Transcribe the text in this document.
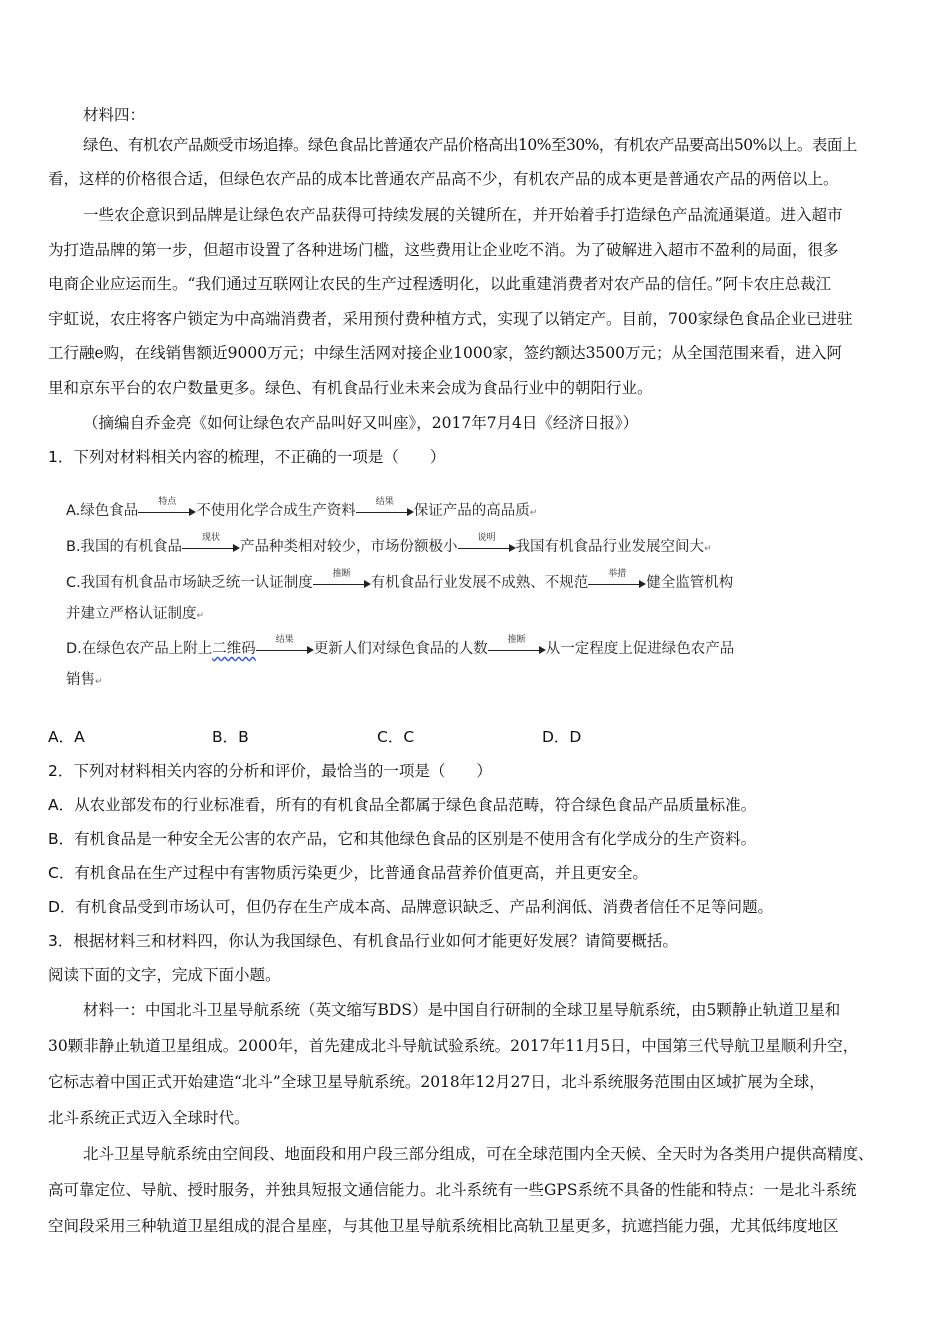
材料四：
绿色、有机农产品颇受市场追捧。绿色食品比普通农产品价格高出10%至30%，有机农产品要高出50%以上。表面上
看，这样的价格很合适，但绿色农产品的成本比普通农产品高不少，有机农产品的成本更是普通农产品的两倍以上。
一些农企意识到品牌是让绿色农产品获得可持续发展的关键所在，并开始着手打造绿色产品流通渠道。进入超市
为打造品牌的第一步，但超市设置了各种进场门槛，这些费用让企业吃不消。为了破解进入超市不盈利的局面，很多
电商企业应运而生。“我们通过互联网让农民的生产过程透明化，以此重建消费者对农产品的信任。”阿卡农庄总裁江
宇虹说，农庄将客户锁定为中高端消费者，采用预付费种植方式，实现了以销定产。目前，700家绿色食品企业已进驻
工行融e购，在线销售额近9000万元；中绿生活网对接企业1000家，签约额达3500万元；从全国范围来看，进入阿
里和京东平台的农户数量更多。绿色、有机食品行业未来会成为食品行业中的朝阳行业。
（摘编自乔金亮《如何让绿色农产品叫好又叫座》，2017年7月4日《经济日报》）
1．下列对材料相关内容的梳理，不正确的一项是（　　）
A.绿色食品
特点
不使用化学合成生产资料
结果
保证产品的高品质↵
B.我国的有机食品
现状
产品种类相对较少，市场份额极小
说明
我国有机食品行业发展空间大↵
C.我国有机食品市场缺乏统一认证制度
推断
有机食品行业发展不成熟、不规范
举措
健全监管机构
并建立严格认证制度↵
D.在绿色农产品上附上二维码
结果
更新人们对绿色食品的人数
推断
从一定程度上促进绿色农产品
销售↵
A．A	B．B	C．C	D．D
2．下列对材料相关内容的分析和评价，最恰当的一项是（　　）
A．从农业部发布的行业标准看，所有的有机食品全都属于绿色食品范畴，符合绿色食品产品质量标准。
B．有机食品是一种安全无公害的农产品，它和其他绿色食品的区别是不使用含有化学成分的生产资料。
C．有机食品在生产过程中有害物质污染更少，比普通食品营养价值更高，并且更安全。
D．有机食品受到市场认可，但仍存在生产成本高、品牌意识缺乏、产品利润低、消费者信任不足等问题。
3．根据材料三和材料四，你认为我国绿色、有机食品行业如何才能更好发展？请简要概括。
阅读下面的文字，完成下面小题。
材料一：中国北斗卫星导航系统（英文缩写BDS）是中国自行研制的全球卫星导航系统，由5颗静止轨道卫星和
30颗非静止轨道卫星组成。2000年，首先建成北斗导航试验系统。2017年11月5日，中国第三代导航卫星顺利升空，
它标志着中国正式开始建造“北斗”全球卫星导航系统。2018年12月27日，北斗系统服务范围由区域扩展为全球，
北斗系统正式迈入全球时代。
北斗卫星导航系统由空间段、地面段和用户段三部分组成，可在全球范围内全天候、全天时为各类用户提供高精度、
高可靠定位、导航、授时服务，并独具短报文通信能力。北斗系统有一些GPS系统不具备的性能和特点：一是北斗系统
空间段采用三种轨道卫星组成的混合星座，与其他卫星导航系统相比高轨卫星更多，抗遮挡能力强，尤其低纬度地区
